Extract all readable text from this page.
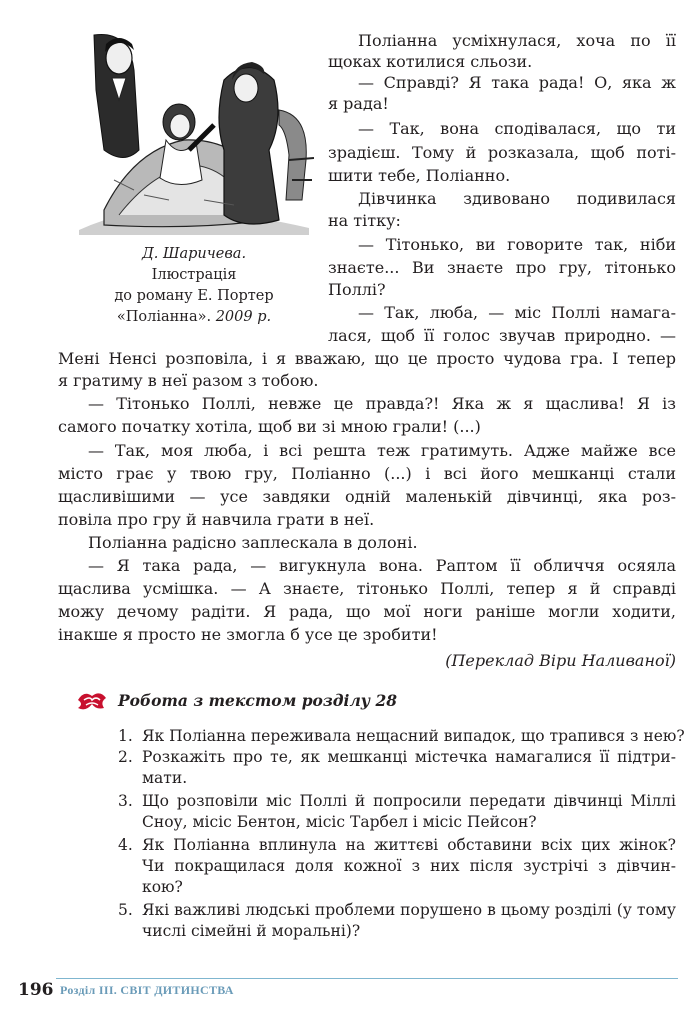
Д. Шаричева.
Ілюстрація
до роману Е. Портер
«Поліанна». 2009 р.
Поліанна усміхнулася, хоча по її
щоках котилися сльози.
— Справді? Я така рада! О, яка ж
я рада!
— Так, вона сподівалася, що ти
зрадієш. Тому й розказала, щоб поті-
шити тебе, Поліанно.
Дівчинка здивовано подивилася
на тітку:
— Тітонько, ви говорите так, ніби
знаєте... Ви знаєте про гру, тітонько
Поллі?
— Так, люба, — міс Поллі намага-
лася, щоб її голос звучав природно. —
Мені Ненсі розповіла, і я вважаю, що це просто чудова гра. І тепер
я гратиму в неї разом з тобою.
— Тітонько Поллі, невже це правда?! Яка ж я щаслива! Я із
самого початку хотіла, щоб ви зі мною грали! (...)
— Так, моя люба, і всі решта теж гратимуть. Адже майже все
місто грає у твою гру, Поліанно (...) і всі його мешканці стали
щасливішими — усе завдяки одній маленькій дівчинці, яка роз-
повіла про гру й навчила грати в неї.
Поліанна радісно заплескала в долоні.
— Я така рада, — вигукнула вона. Раптом її обличчя осяяла
щаслива усмішка. — А знаєте, тітонько Поллі, тепер я й справді
можу дечому радіти. Я рада, що мої ноги раніше могли ходити,
інакше я просто не змогла б усе це зробити!
(Переклад Віри Наливаної)
Робота з текстом розділу 28
1. Як Поліанна переживала нещасний випадок, що трапився з нею?
2. Розкажіть про те, як мешканці містечка намагалися її підтри-
мати.
3. Що розповіли міс Поллі й попросили передати дівчинці Міллі
Сноу, місіс Бентон, місіс Тарбел і місіс Пейсон?
4. Як Поліанна вплинула на життєві обставини всіх цих жінок?
Чи покращилася доля кожної з них після зустрічі з дівчин-
кою?
5. Які важливі людські проблеми порушено в цьому розділі (у тому
числі сімейні й моральні)?
196 Розділ III. СВІТ ДИТИНСТВА
